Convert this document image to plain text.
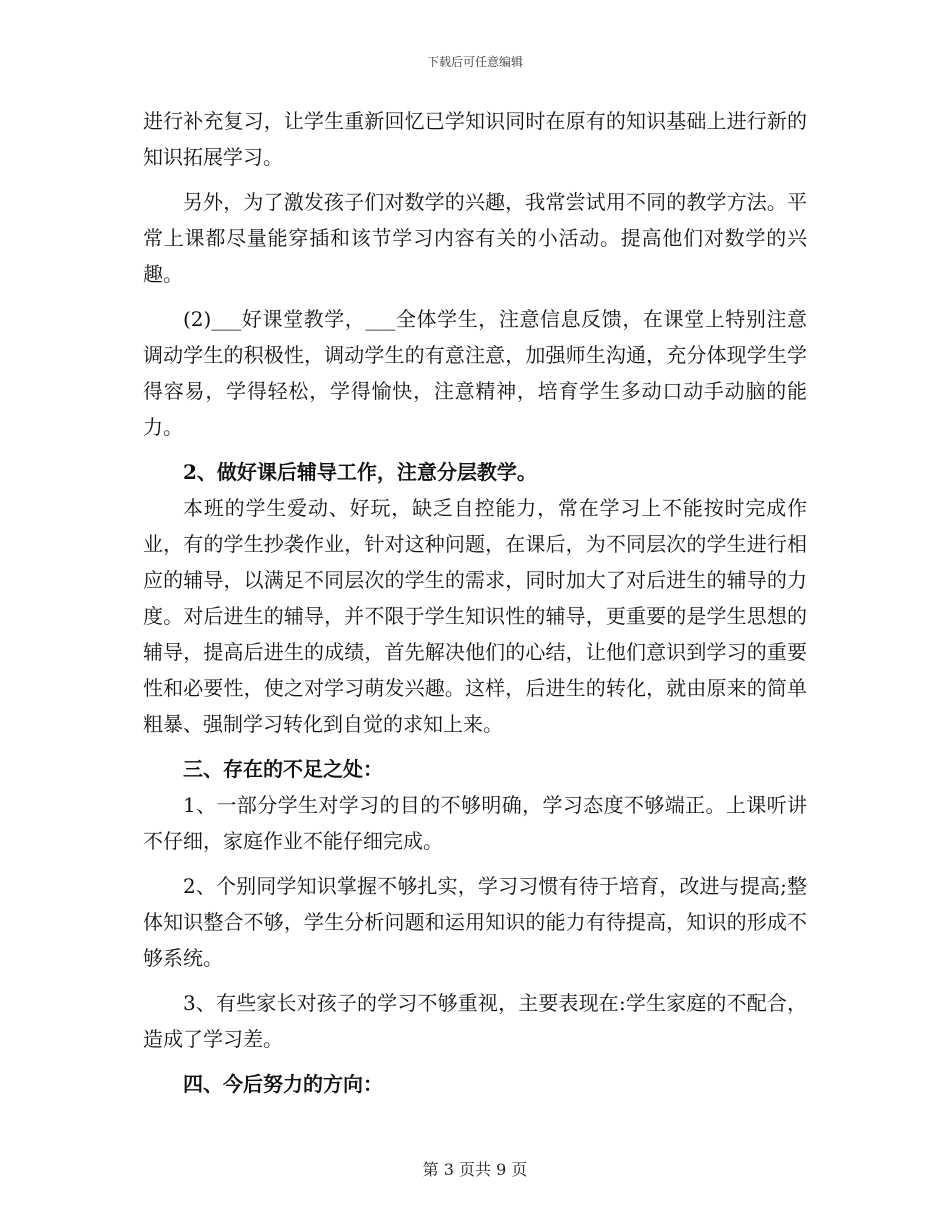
下载后可任意编辑

进行补充复习，让学生重新回忆已学知识同时在原有的知识基础上进行新的知识拓展学习。

另外，为了激发孩子们对数学的兴趣，我常尝试用不同的教学方法。平常上课都尽量能穿插和该节学习内容有关的小活动。提高他们对数学的兴趣。

(2)___好课堂教学，___全体学生，注意信息反馈，在课堂上特别注意调动学生的积极性，调动学生的有意注意，加强师生沟通，充分体现学生学得容易，学得轻松，学得愉快，注意精神，培育学生多动口动手动脑的能力。

2、做好课后辅导工作，注意分层教学。

本班的学生爱动、好玩，缺乏自控能力，常在学习上不能按时完成作业，有的学生抄袭作业，针对这种问题，在课后，为不同层次的学生进行相应的辅导，以满足不同层次的学生的需求，同时加大了对后进生的辅导的力度。对后进生的辅导，并不限于学生知识性的辅导，更重要的是学生思想的辅导，提高后进生的成绩，首先解决他们的心结，让他们意识到学习的重要性和必要性，使之对学习萌发兴趣。这样，后进生的转化，就由原来的简单粗暴、强制学习转化到自觉的求知上来。

三、存在的不足之处：

1、一部分学生对学习的目的不够明确，学习态度不够端正。上课听讲不仔细，家庭作业不能仔细完成。

2、个别同学知识掌握不够扎实，学习习惯有待于培育，改进与提高;整体知识整合不够，学生分析问题和运用知识的能力有待提高，知识的形成不够系统。

3、有些家长对孩子的学习不够重视，主要表现在:学生家庭的不配合，造成了学习差。

四、今后努力的方向：

第 3 页共 9 页
